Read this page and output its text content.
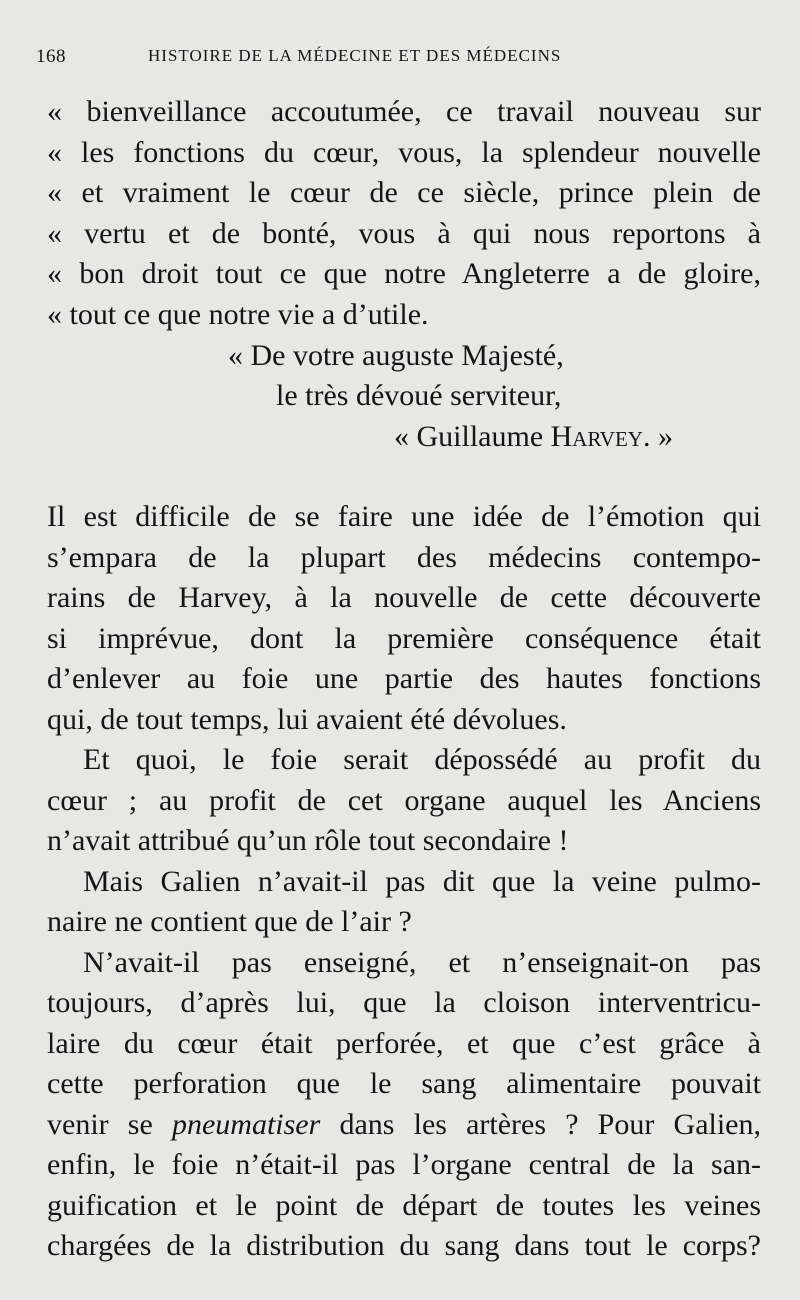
168	HISTOIRE DE LA MÉDECINE ET DES MÉDECINS
« bienveillance accoutumée, ce travail nouveau sur
« les fonctions du cœur, vous, la splendeur nouvelle
« et vraiment le cœur de ce siècle, prince plein de
« vertu et de bonté, vous à qui nous reportons à
« bon droit tout ce que notre Angleterre a de gloire,
« tout ce que notre vie a d’utile.
« De votre auguste Majesté,
le très dévoué serviteur,
« Guillaume Harvey. »
Il est difficile de se faire une idée de l’émotion qui
s’empara de la plupart des médecins contempo-
rains de Harvey, à la nouvelle de cette découverte
si imprévue, dont la première conséquence était
d’enlever au foie une partie des hautes fonctions
qui, de tout temps, lui avaient été dévolues.
Et quoi, le foie serait dépossédé au profit du
cœur ; au profit de cet organe auquel les Anciens
n’avait attribué qu’un rôle tout secondaire !
Mais Galien n’avait-il pas dit que la veine pulmo-
naire ne contient que de l’air ?
N’avait-il pas enseigné, et n’enseignait-on pas
toujours, d’après lui, que la cloison interventricu-
laire du cœur était perforée, et que c’est grâce à
cette perforation que le sang alimentaire pouvait
venir se pneumatiser dans les artères ? Pour Galien,
enfin, le foie n’était-il pas l’organe central de la san-
guification et le point de départ de toutes les veines
chargées de la distribution du sang dans tout le corps?
